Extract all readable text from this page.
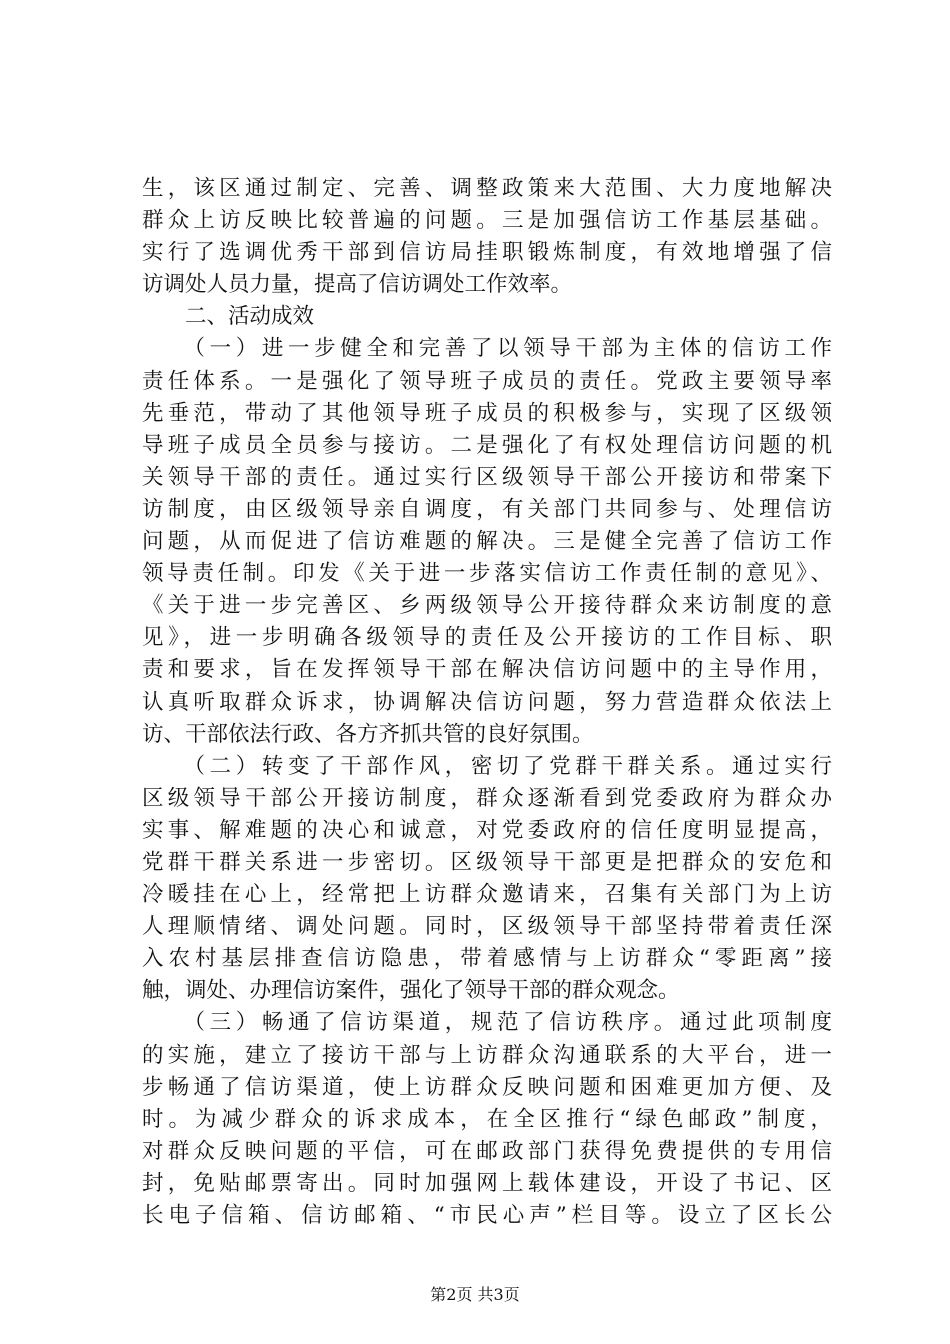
生，该区通过制定、完善、调整政策来大范围、大力度地解决
群众上访反映比较普遍的问题。三是加强信访工作基层基础。
实行了选调优秀干部到信访局挂职锻炼制度，有效地增强了信
访调处人员力量，提高了信访调处工作效率。
二、活动成效
　　（一）进一步健全和完善了以领导干部为主体的信访工作
责任体系。一是强化了领导班子成员的责任。党政主要领导率
先垂范，带动了其他领导班子成员的积极参与，实现了区级领
导班子成员全员参与接访。二是强化了有权处理信访问题的机
关领导干部的责任。通过实行区级领导干部公开接访和带案下
访制度，由区级领导亲自调度，有关部门共同参与、处理信访
问题，从而促进了信访难题的解决。三是健全完善了信访工作
领导责任制。印发《关于进一步落实信访工作责任制的意见》、
《关于进一步完善区、乡两级领导公开接待群众来访制度的意
见》，进一步明确各级领导的责任及公开接访的工作目标、职
责和要求，旨在发挥领导干部在解决信访问题中的主导作用，
认真听取群众诉求，协调解决信访问题，努力营造群众依法上
访、干部依法行政、各方齐抓共管的良好氛围。
　　（二）转变了干部作风，密切了党群干群关系。通过实行
区级领导干部公开接访制度，群众逐渐看到党委政府为群众办
实事、解难题的决心和诚意，对党委政府的信任度明显提高，
党群干群关系进一步密切。区级领导干部更是把群众的安危和
冷暖挂在心上，经常把上访群众邀请来，召集有关部门为上访
人理顺情绪、调处问题。同时，区级领导干部坚持带着责任深
入农村基层排查信访隐患，带着感情与上访群众“零距离”接
触，调处、办理信访案件，强化了领导干部的群众观念。
　　（三）畅通了信访渠道，规范了信访秩序。通过此项制度
的实施，建立了接访干部与上访群众沟通联系的大平台，进一
步畅通了信访渠道，使上访群众反映问题和困难更加方便、及
时。为减少群众的诉求成本，在全区推行“绿色邮政”制度，
对群众反映问题的平信，可在邮政部门获得免费提供的专用信
封，免贴邮票寄出。同时加强网上载体建设，开设了书记、区
长电子信箱、信访邮箱、“市民心声”栏目等。设立了区长公
第2页 共3页
